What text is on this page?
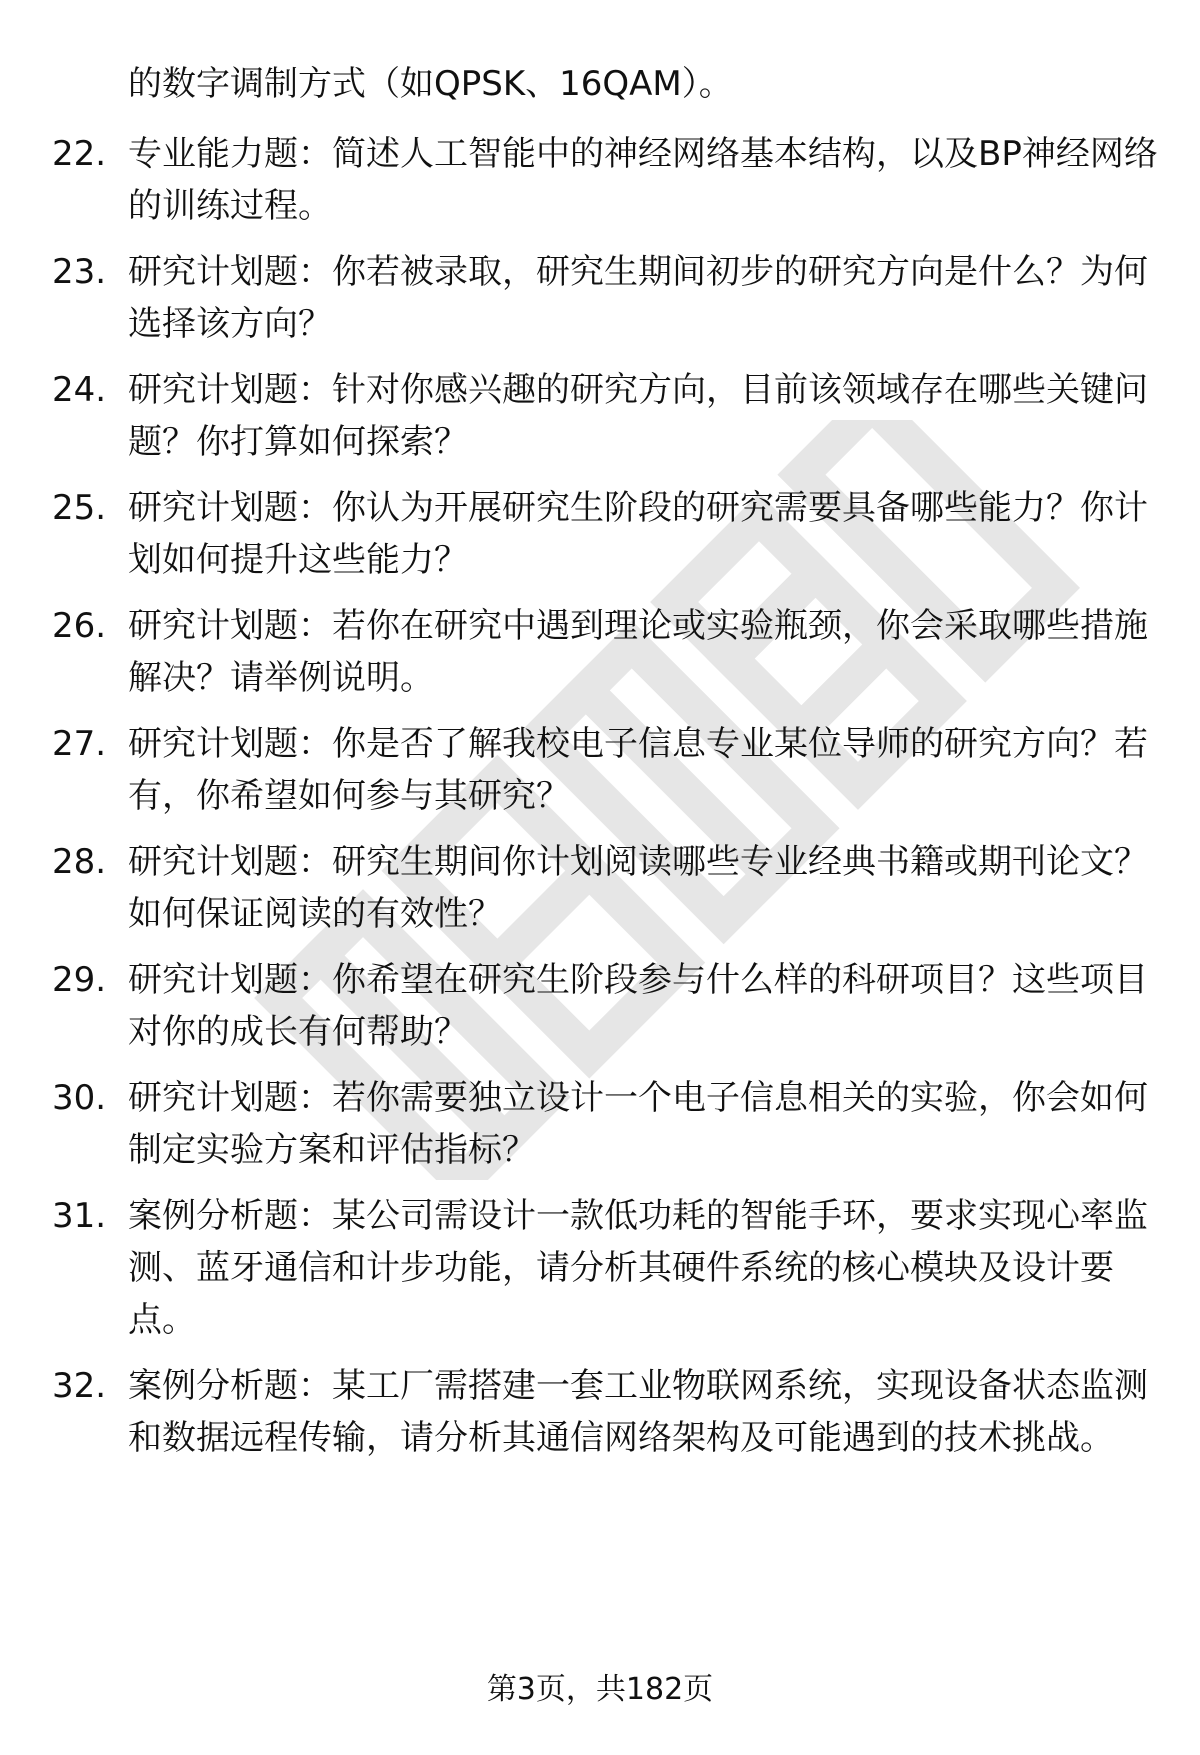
的数字调制方式（如QPSK、16QAM）。
22. 专业能力题：简述人工智能中的神经网络基本结构，以及BP神经网络的训练过程。
23. 研究计划题：你若被录取，研究生期间初步的研究方向是什么？为何选择该方向？
24. 研究计划题：针对你感兴趣的研究方向，目前该领域存在哪些关键问题？你打算如何探索？
25. 研究计划题：你认为开展研究生阶段的研究需要具备哪些能力？你计划如何提升这些能力？
26. 研究计划题：若你在研究中遇到理论或实验瓶颈，你会采取哪些措施解决？请举例说明。
27. 研究计划题：你是否了解我校电子信息专业某位导师的研究方向？若有，你希望如何参与其研究？
28. 研究计划题：研究生期间你计划阅读哪些专业经典书籍或期刊论文？如何保证阅读的有效性？
29. 研究计划题：你希望在研究生阶段参与什么样的科研项目？这些项目对你的成长有何帮助？
30. 研究计划题：若你需要独立设计一个电子信息相关的实验，你会如何制定实验方案和评估指标？
31. 案例分析题：某公司需设计一款低功耗的智能手环，要求实现心率监测、蓝牙通信和计步功能，请分析其硬件系统的核心模块及设计要点。
32. 案例分析题：某工厂需搭建一套工业物联网系统，实现设备状态监测和数据远程传输，请分析其通信网络架构及可能遇到的技术挑战。
第3页，共182页
